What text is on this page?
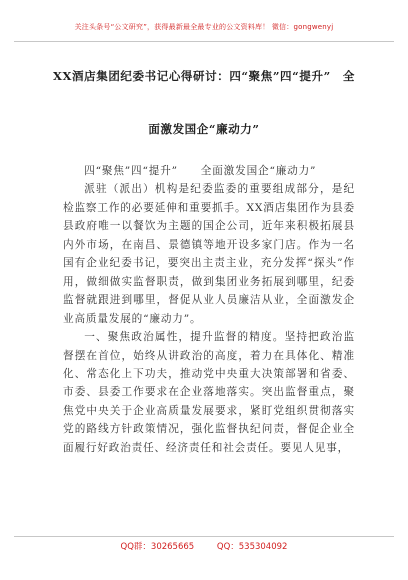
关注头条号“公文研究”，获得最新最全最专业的公文资料库！ 微信：gongwenyj
XX酒店集团纪委书记心得研讨：四“聚焦”四“提升”　全
面激发国企“廉动力”

四“聚焦”四“提升”　　全面激发国企“廉动力”

派驻（派出）机构是纪委监委的重要组成部分，是纪检监察工作的必要延伸和重要抓手。XX酒店集团作为县委县政府唯一以餐饮为主题的国企公司，近年来积极拓展县内外市场，在南昌、景德镇等地开设多家门店。作为一名国有企业纪委书记，要突出主责主业，充分发挥“探头”作用，做细做实监督职责，做到集团业务拓展到哪里，纪委监督就跟进到哪里，督促从业人员廉洁从业，全面激发企业高质量发展的“廉动力”。

一、聚焦政治属性，提升监督的精度。坚持把政治监督摆在首位，始终从讲政治的高度，着力在具体化、精准化、常态化上下功夫，推动党中央重大决策部署和省委、市委、县委工作要求在企业落地落实。突出监督重点，聚焦党中央关于企业高质量发展要求，紧盯党组织贯彻落实党的路线方针政策情况，强化监督执纪问责，督促企业全面履行好政治责任、经济责任和社会责任。要见人见事，

QQ群：30265665	QQ：535304092
